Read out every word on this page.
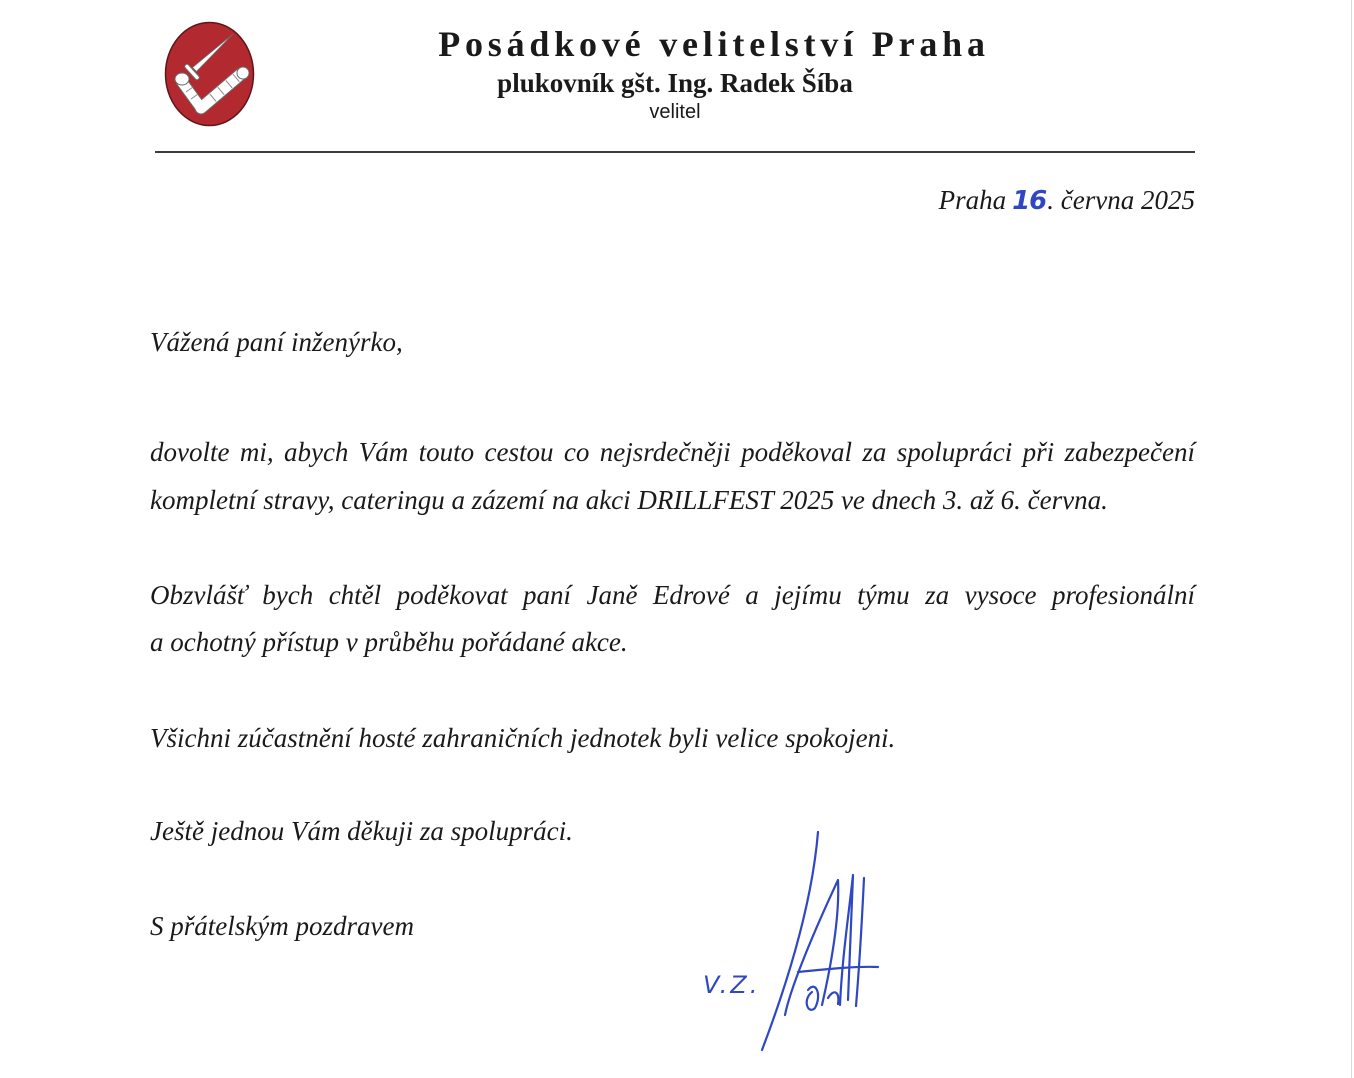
Posádkové velitelství Praha
plukovník gšt. Ing. Radek Šíba
velitel
Praha 16. června 2025
Vážená paní inženýrko,
dovolte mi, abych Vám touto cestou co nejsrdečněji poděkoval za spolupráci při zabezpečení
kompletní stravy, cateringu a zázemí na akci DRILLFEST 2025 ve dnech 3. až 6. června.
Obzvlášť bych chtěl poděkovat paní Janě Edrové a jejímu týmu za vysoce profesionální
a ochotný přístup v průběhu pořádané akce.
Všichni zúčastnění hosté zahraničních jednotek byli velice spokojeni.
Ještě jednou Vám děkuji za spolupráci.
S přátelským pozdravem
V.Z.
